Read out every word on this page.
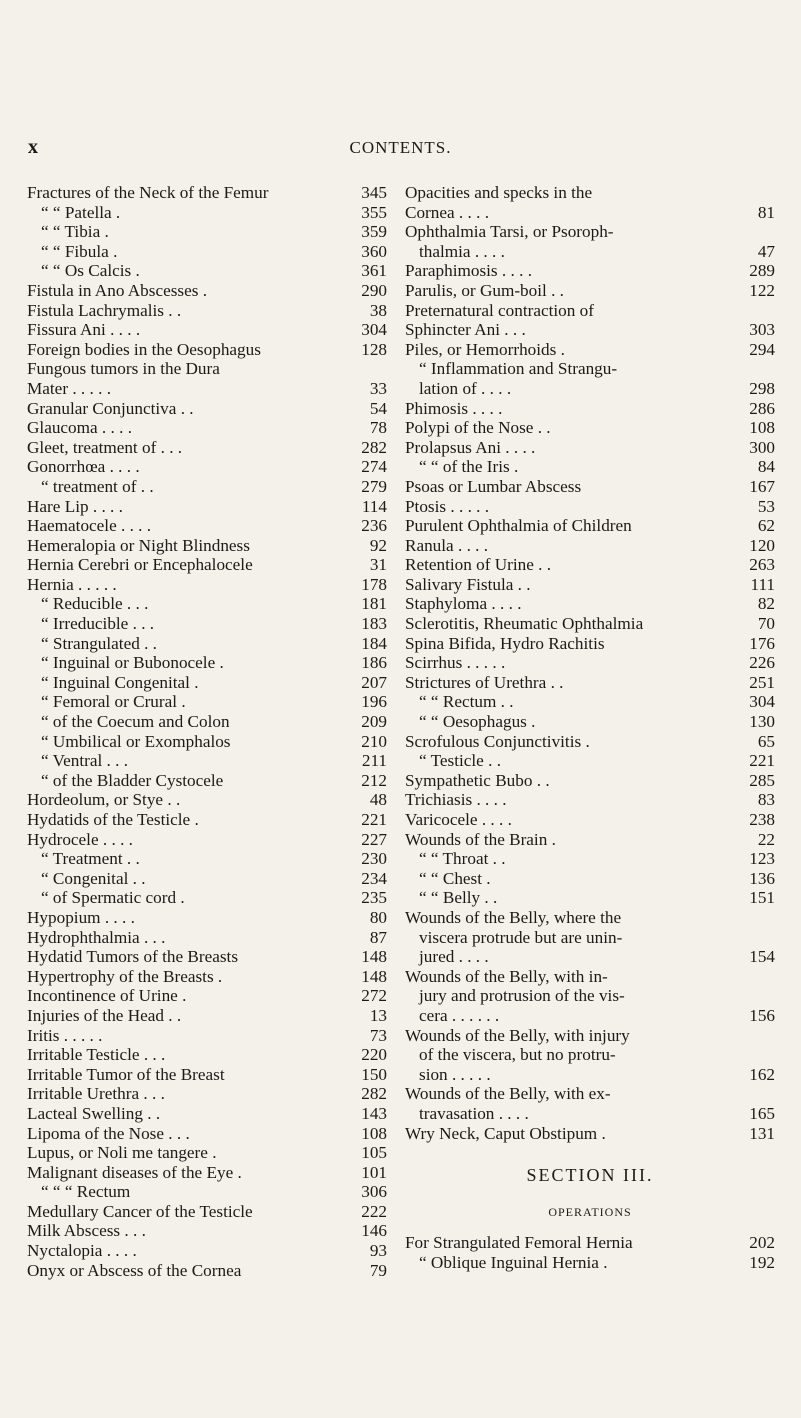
x	CONTENTS.
Fractures of the Neck of the Femur	345
“ “ Patella .	355
“ “ Tibia .	359
“ “ Fibula .	360
“ “ Os Calcis .	361
Fistula in Ano Abscesses .	290
Fistula Lachrymalis . .	38
Fissura Ani . . . .	304
Foreign bodies in the Oesophagus	128
Fungous tumors in the Dura
Mater . . . . .	33
Granular Conjunctiva . .	54
Glaucoma . . . .	78
Gleet, treatment of . . .	282
Gonorrhœa . . . .	274
“ treatment of . .	279
Hare Lip . . . .	114
Haematocele . . . .	236
Hemeralopia or Night Blindness	92
Hernia Cerebri or Encephalocele	31
Hernia . . . . .	178
“ Reducible . . .	181
“ Irreducible . . .	183
“ Strangulated . .	184
“ Inguinal or Bubonocele .	186
“ Inguinal Congenital .	207
“ Femoral or Crural .	196
“ of the Coecum and Colon	209
“ Umbilical or Exomphalos	210
“ Ventral . . .	211
“ of the Bladder Cystocele	212
Hordeolum, or Stye . .	48
Hydatids of the Testicle .	221
Hydrocele . . . .	227
“ Treatment . .	230
“ Congenital . .	234
“ of Spermatic cord .	235
Hypopium . . . .	80
Hydrophthalmia . . .	87
Hydatid Tumors of the Breasts	148
Hypertrophy of the Breasts .	148
Incontinence of Urine .	272
Injuries of the Head . .	13
Iritis . . . . .	73
Irritable Testicle . . .	220
Irritable Tumor of the Breast	150
Irritable Urethra . . .	282
Lacteal Swelling . .	143
Lipoma of the Nose . . .	108
Lupus, or Noli me tangere .	105
Malignant diseases of the Eye .	101
“ “ “ Rectum	306
Medullary Cancer of the Testicle	222
Milk Abscess . . .	146
Nyctalopia . . . .	93
Onyx or Abscess of the Cornea	79
Opacities and specks in the
Cornea . . . .	81
Ophthalmia Tarsi, or Psoroph-
thalmia . . . .	47
Paraphimosis . . . .	289
Parulis, or Gum-boil . .	122
Preternatural contraction of
Sphincter Ani . . .	303
Piles, or Hemorrhoids .	294
“ Inflammation and Strangu-
lation of . . . .	298
Phimosis . . . .	286
Polypi of the Nose . .	108
Prolapsus Ani . . . .	300
“ “ of the Iris .	84
Psoas or Lumbar Abscess	167
Ptosis . . . . .	53
Purulent Ophthalmia of Children	62
Ranula . . . .	120
Retention of Urine . .	263
Salivary Fistula . .	111
Staphyloma . . . .	82
Sclerotitis, Rheumatic Ophthalmia	70
Spina Bifida, Hydro Rachitis	176
Scirrhus . . . . .	226
Strictures of Urethra . .	251
“ “ Rectum . .	304
“ “ Oesophagus .	130
Scrofulous Conjunctivitis .	65
“ Testicle . .	221
Sympathetic Bubo . .	285
Trichiasis . . . .	83
Varicocele . . . .	238
Wounds of the Brain .	22
“ “ Throat . .	123
“ “ Chest .	136
“ “ Belly . .	151
Wounds of the Belly, where the
viscera protrude but are unin-
jured . . . .	154
Wounds of the Belly, with in-
jury and protrusion of the vis-
cera . . . . . .	156
Wounds of the Belly, with injury
of the viscera, but no protru-
sion . . . . .	162
Wounds of the Belly, with ex-
travasation . . . .	165
Wry Neck, Caput Obstipum .	131
SECTION III.
OPERATIONS
For Strangulated Femoral Hernia	202
“ Oblique Inguinal Hernia .	192
